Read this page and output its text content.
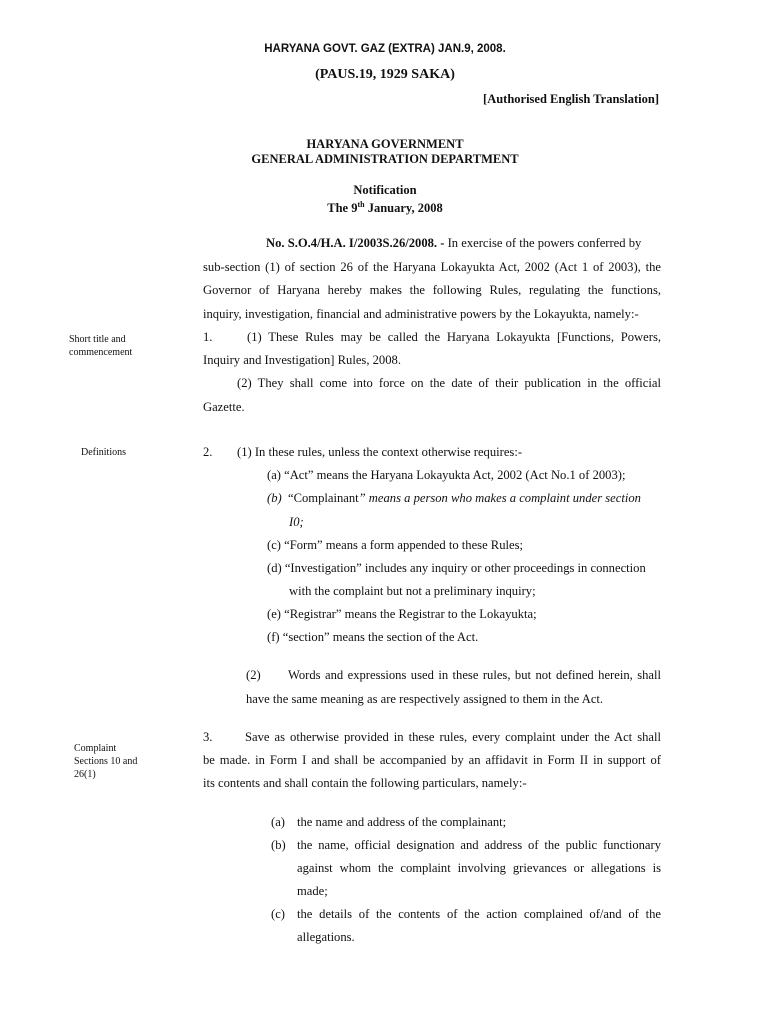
HARYANA GOVT. GAZ (EXTRA) JAN.9, 2008.
(PAUS.19, 1929 SAKA)
[Authorised English Translation]
HARYANA GOVERNMENT
GENERAL ADMINISTRATION DEPARTMENT
Notification
The 9th January, 2008
No. S.O.4/H.A. I/2003S.26/2008. - In exercise of the powers conferred by
sub-section (1) of section 26 of the Haryana Lokayukta Act, 2002 (Act 1 of 2003), the
Governor of Haryana hereby makes the following Rules, regulating the functions,
inquiry, investigation, financial and administrative powers by the Lokayukta, namely:-
Short title and
commencement
Definitions
Complaint
Sections 10 and
26(1)
1.	(1) These Rules may be called the Haryana Lokayukta [Functions, Powers,
Inquiry and Investigation] Rules, 2008.
(2) They shall come into force on the date of their publication in the official
Gazette.
2. (1) In these rules, unless the context otherwise requires:-
(a) “Act” means the Haryana Lokayukta Act, 2002 (Act No.1 of 2003);
(b) “Complainant” means a person who makes a complaint under section
I0;
(c) “Form” means a form appended to these Rules;
(d) “Investigation” includes any inquiry or other proceedings in connection
with the complaint but not a preliminary inquiry;
(e) “Registrar” means the Registrar to the Lokayukta;
(f) “section” means the section of the Act.
(2) Words and expressions used in these rules, but not defined herein, shall
have the same meaning as are respectively assigned to them in the Act.
3.	Save as otherwise provided in these rules, every complaint under the Act shall
be made. in Form I and shall be accompanied by an affidavit in Form II in support of
its contents and shall contain the following particulars, namely:-
(a) the name and address of the complainant;
(b) the name, official designation and address of the public functionary
against whom the complaint involving grievances or allegations is
made;
(c) the details of the contents of the action complained of/and of the
allegations.
